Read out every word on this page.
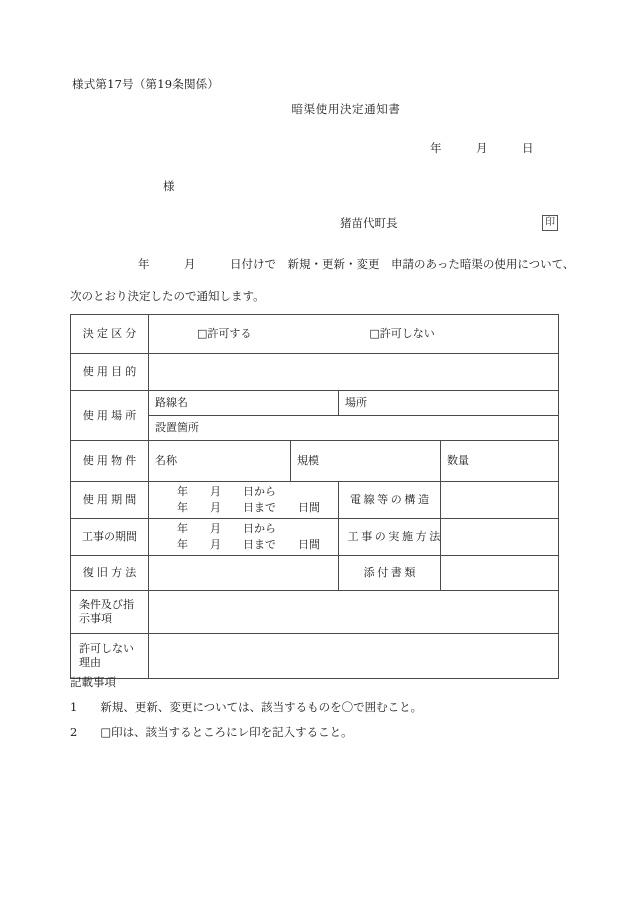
様式第17号（第19条関係）
暗渠使用決定通知書
年　　　月　　　日
様
猪苗代町長	印
年　　　月　　　日付けで　新規・更新・変更　申請のあった暗渠の使用について、
次のとおり決定したので通知します。
決定区分	□許可する □許可しない			

使用目的				
使用場所	路線名		場所	
	設置箇所			
使用物件	名称	規模		数量
使用期間	年　　月　　日から
年　　月　　日まで　　日間		電線等の構造	
工事の期間	年　　月　　日から
年　　月　　日まで　　日間		工事の実施方法	
復旧方法			添付書類	

条件及び指
示事項				

許可しない
理由				

記載事項
1　　新規、更新、変更については、該当するものを〇で囲むこと。
2　　□印は、該当するところにレ印を記入すること。
